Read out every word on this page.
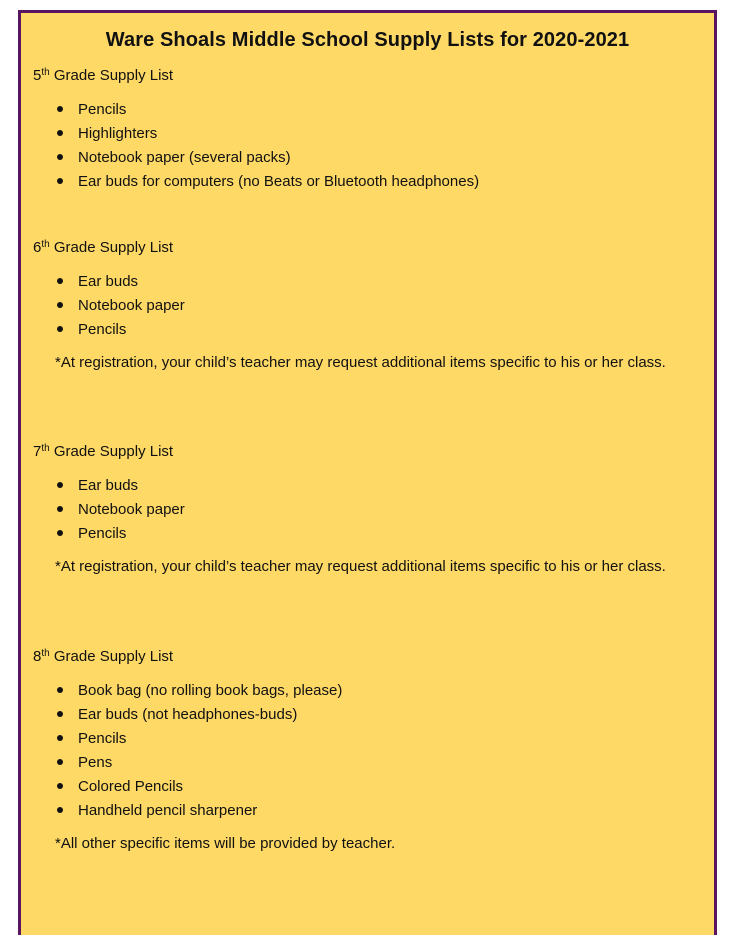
Ware Shoals Middle School Supply Lists for 2020-2021

5th Grade Supply List

Pencils
Highlighters
Notebook paper (several packs)
Ear buds for computers (no Beats or Bluetooth headphones)

6th Grade Supply List

Ear buds
Notebook paper
Pencils

*At registration, your child’s teacher may request additional items specific to his or her class.

7th Grade Supply List

Ear buds
Notebook paper
Pencils

*At registration, your child’s teacher may request additional items specific to his or her class.

8th Grade Supply List

Book bag (no rolling book bags, please)
Ear buds (not headphones-buds)
Pencils
Pens
Colored Pencils
Handheld pencil sharpener

*All other specific items will be provided by teacher.
